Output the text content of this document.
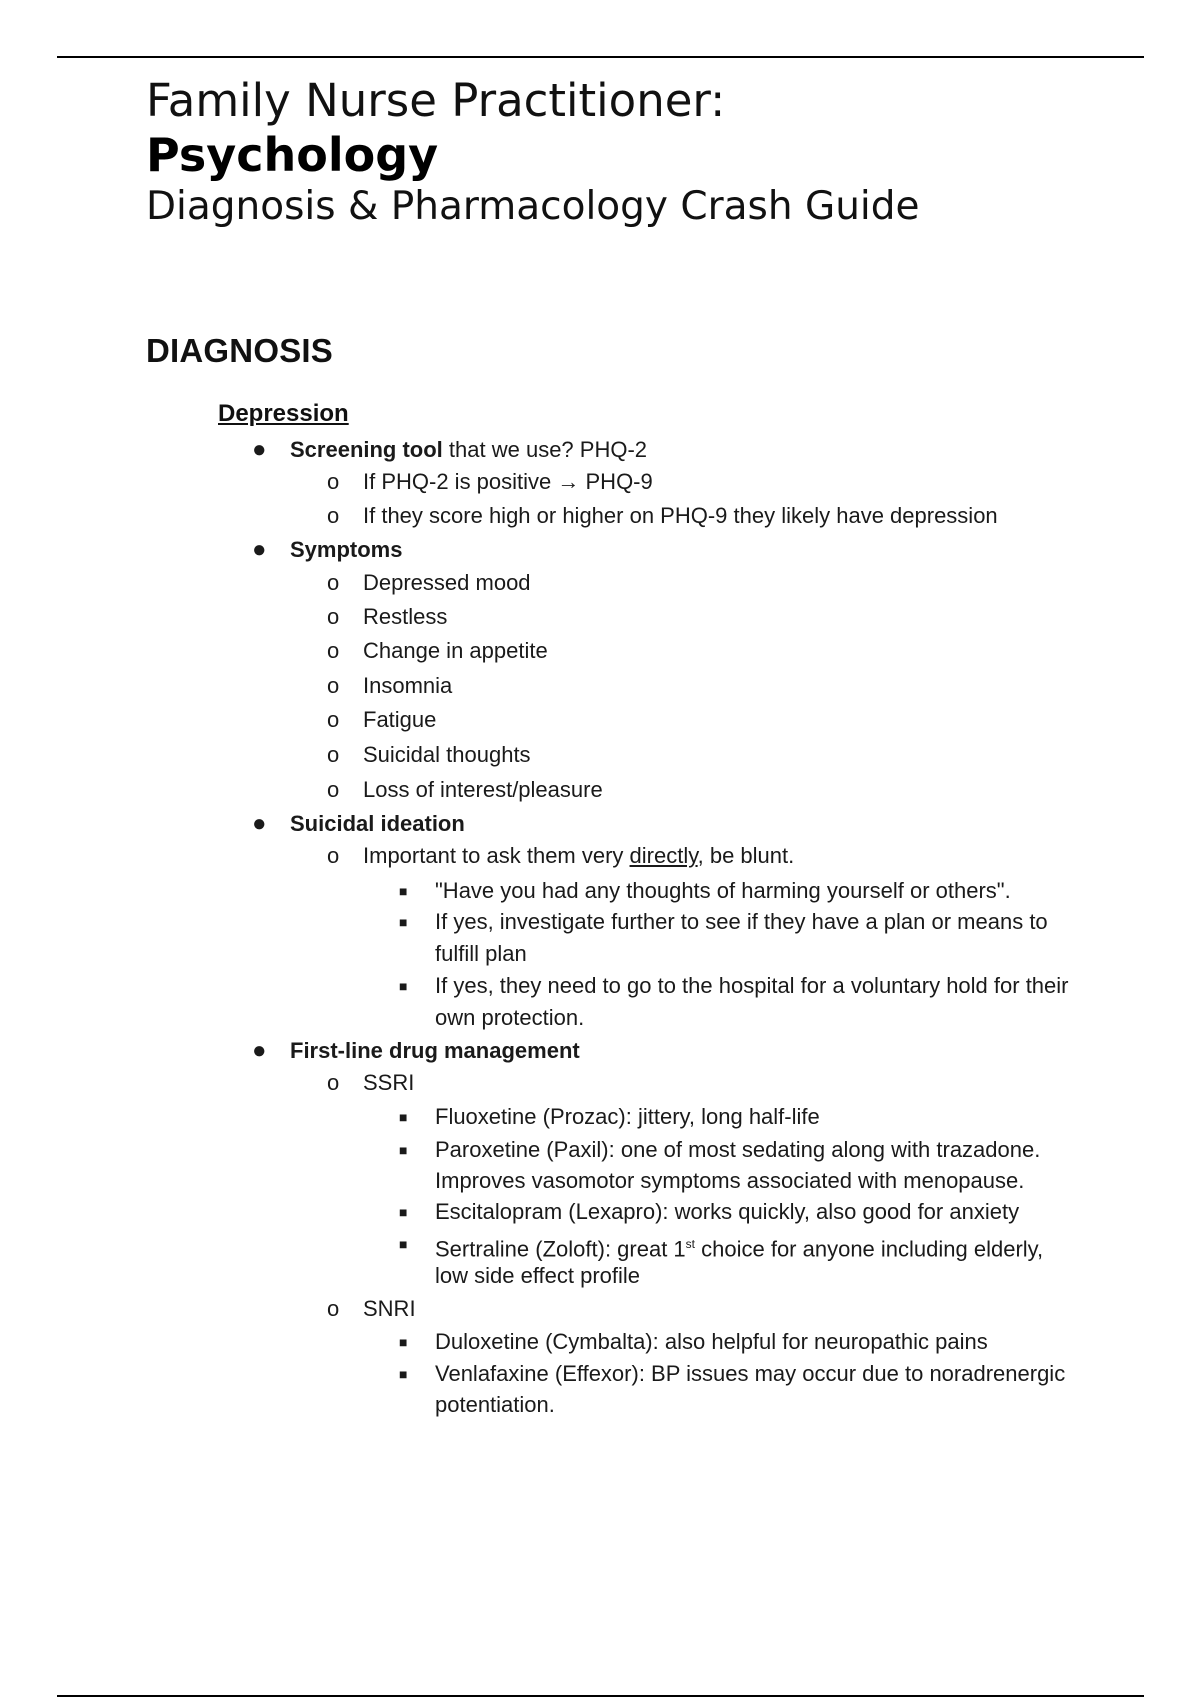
Family Nurse Practitioner:
Psychology
Diagnosis & Pharmacology Crash Guide
DIAGNOSIS
Depression
● Screening tool that we use? PHQ-2
o If PHQ-2 is positive → PHQ-9
o If they score high or higher on PHQ-9 they likely have depression
● Symptoms
o Depressed mood
o Restless
o Change in appetite
o Insomnia
o Fatigue
o Suicidal thoughts
o Loss of interest/pleasure
● Suicidal ideation
o Important to ask them very directly, be blunt.
■ "Have you had any thoughts of harming yourself or others".
■ If yes, investigate further to see if they have a plan or means to
fulfill plan
■ If yes, they need to go to the hospital for a voluntary hold for their
own protection.
● First-line drug management
o SSRI
■ Fluoxetine (Prozac): jittery, long half-life
■ Paroxetine (Paxil): one of most sedating along with trazadone.
Improves vasomotor symptoms associated with menopause.
■ Escitalopram (Lexapro): works quickly, also good for anxiety
■ Sertraline (Zoloft): great 1st choice for anyone including elderly,
low side effect profile
o SNRI
■ Duloxetine (Cymbalta): also helpful for neuropathic pains
■ Venlafaxine (Effexor): BP issues may occur due to noradrenergic
potentiation.
